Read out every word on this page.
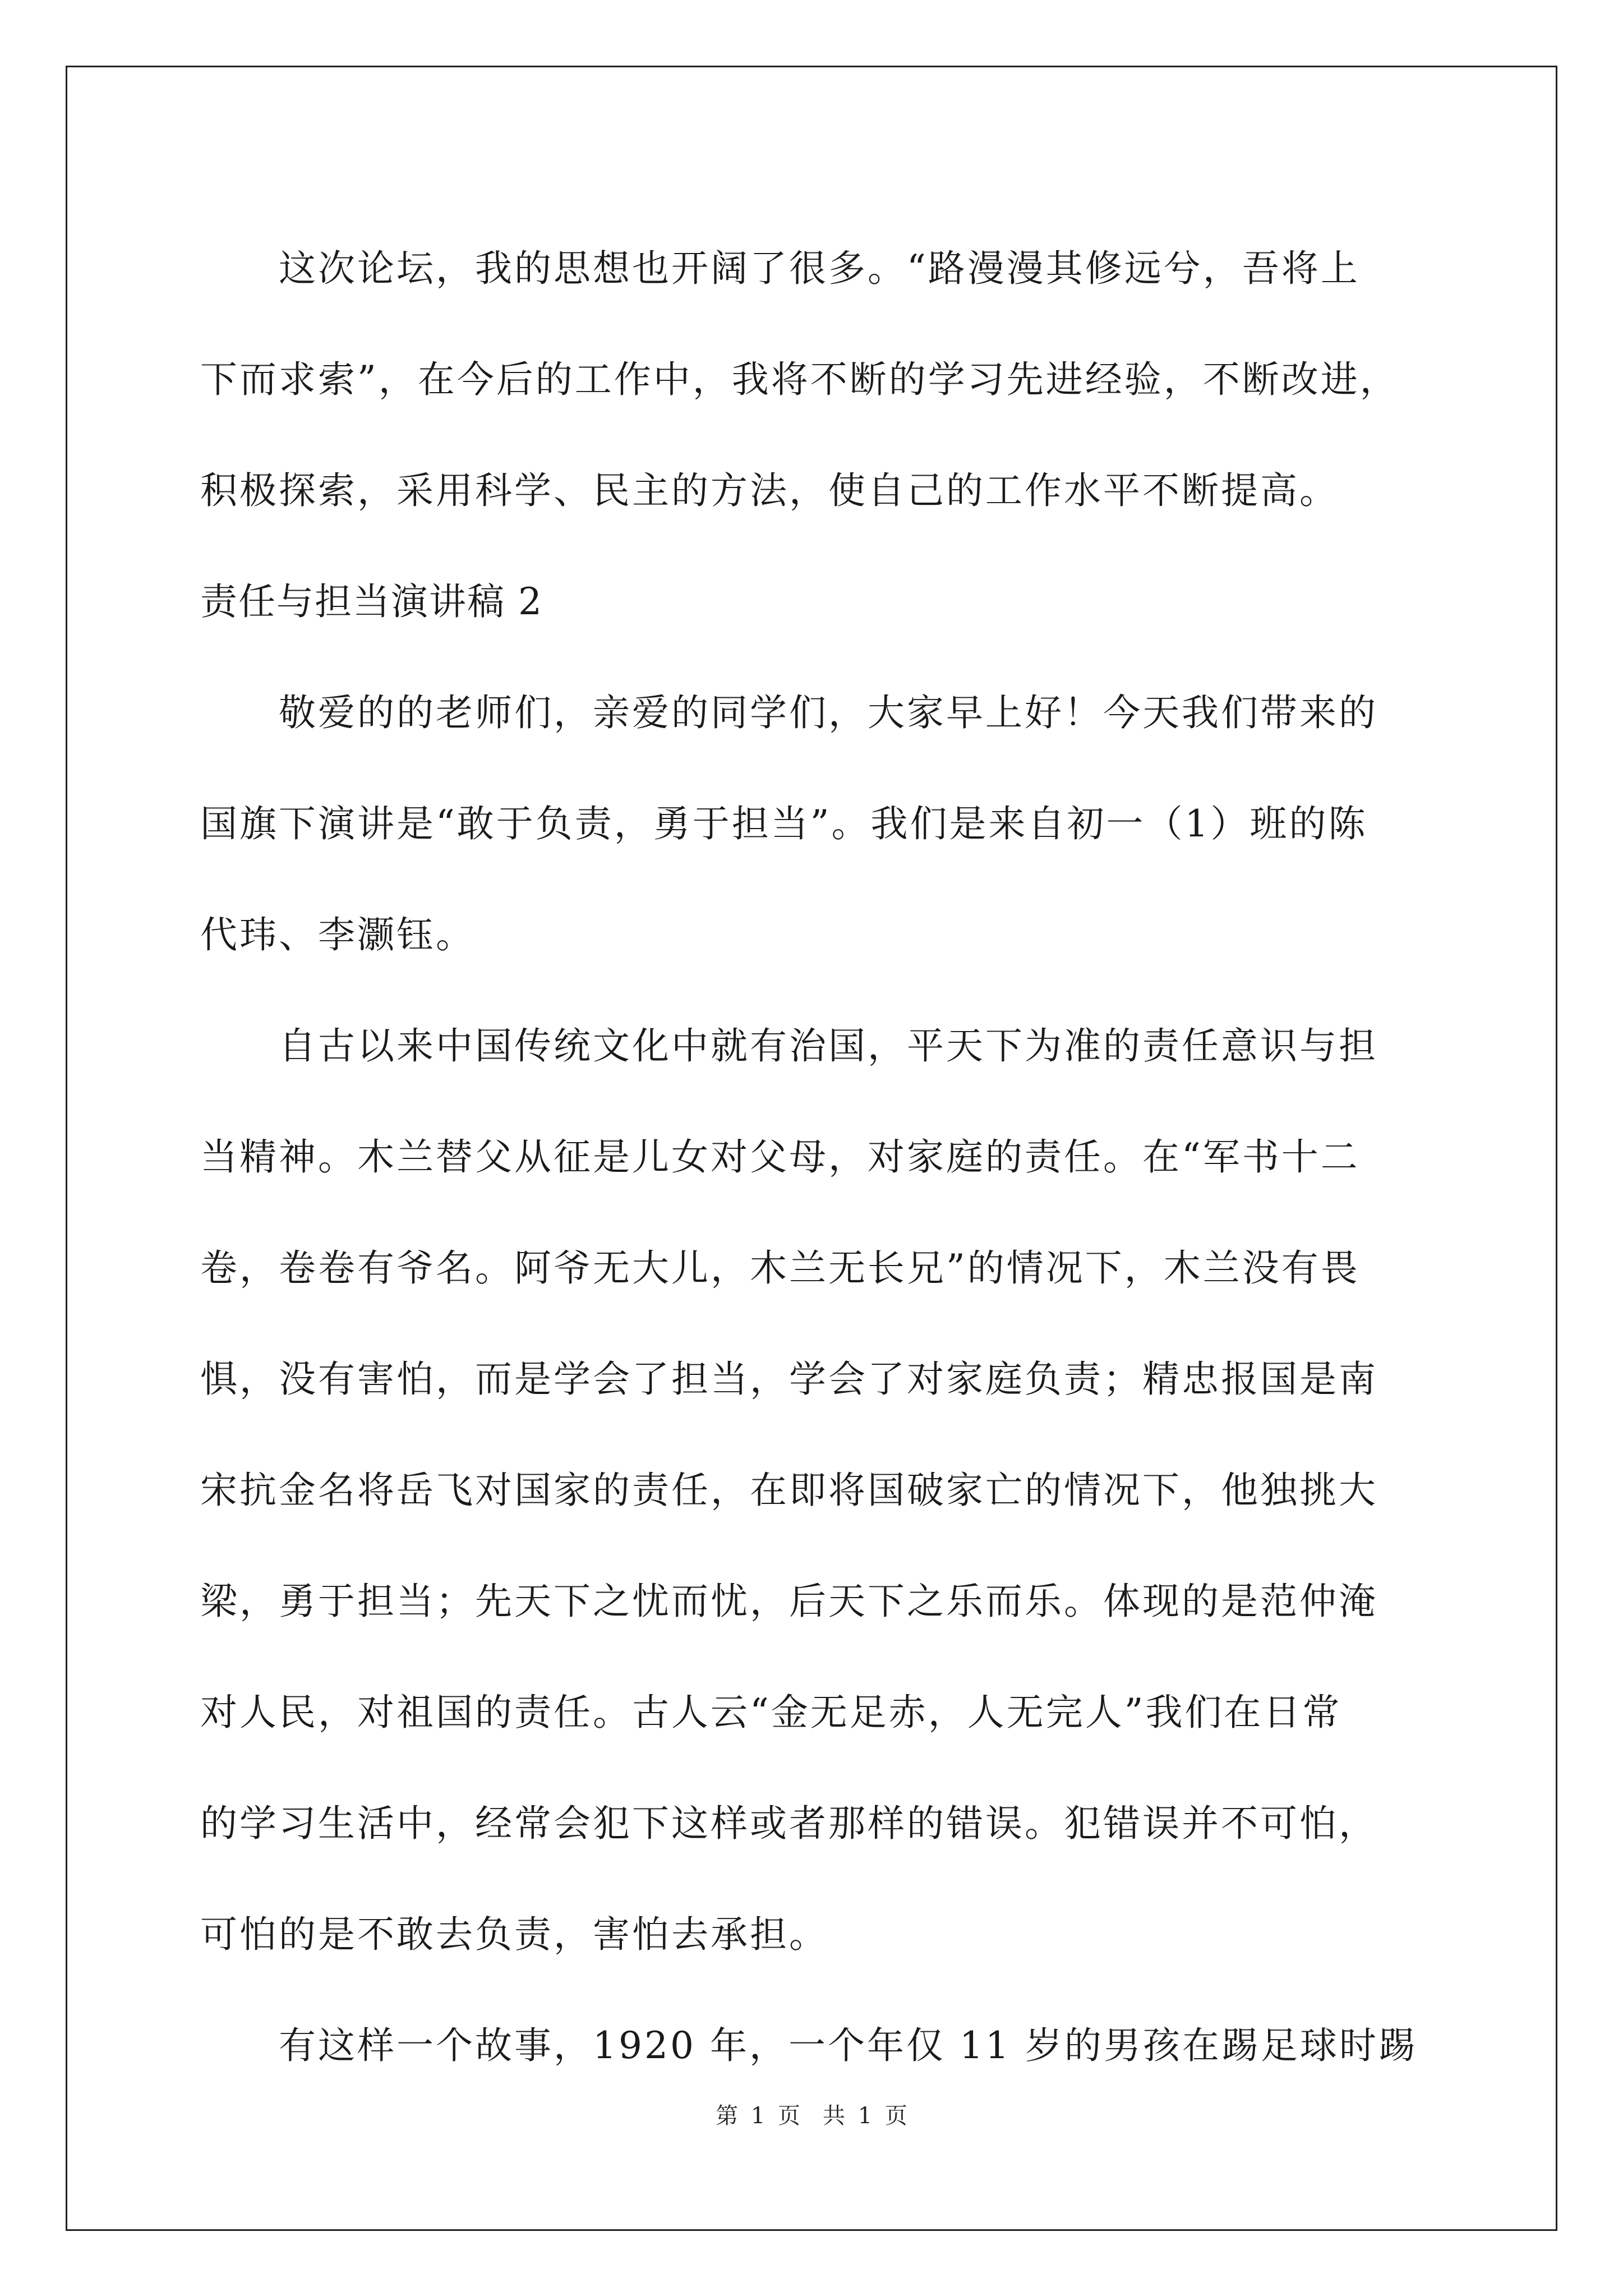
这次论坛，我的思想也开阔了很多。“路漫漫其修远兮，吾将上
下而求索”，在今后的工作中，我将不断的学习先进经验，不断改进，
积极探索，采用科学、民主的方法，使自己的工作水平不断提高。
责任与担当演讲稿 2
敬爱的的老师们，亲爱的同学们，大家早上好！今天我们带来的
国旗下演讲是“敢于负责，勇于担当”。我们是来自初一（1）班的陈
代玮、李灏钰。
自古以来中国传统文化中就有治国，平天下为准的责任意识与担
当精神。木兰替父从征是儿女对父母，对家庭的责任。在“军书十二
卷，卷卷有爷名。阿爷无大儿，木兰无长兄”的情况下，木兰没有畏
惧，没有害怕，而是学会了担当，学会了对家庭负责；精忠报国是南
宋抗金名将岳飞对国家的责任，在即将国破家亡的情况下，他独挑大
梁，勇于担当；先天下之忧而忧，后天下之乐而乐。体现的是范仲淹
对人民，对祖国的责任。古人云“金无足赤，人无完人”我们在日常
的学习生活中，经常会犯下这样或者那样的错误。犯错误并不可怕，
可怕的是不敢去负责，害怕去承担。
有这样一个故事，1920 年，一个年仅 11 岁的男孩在踢足球时踢
第 1 页 共 1 页
